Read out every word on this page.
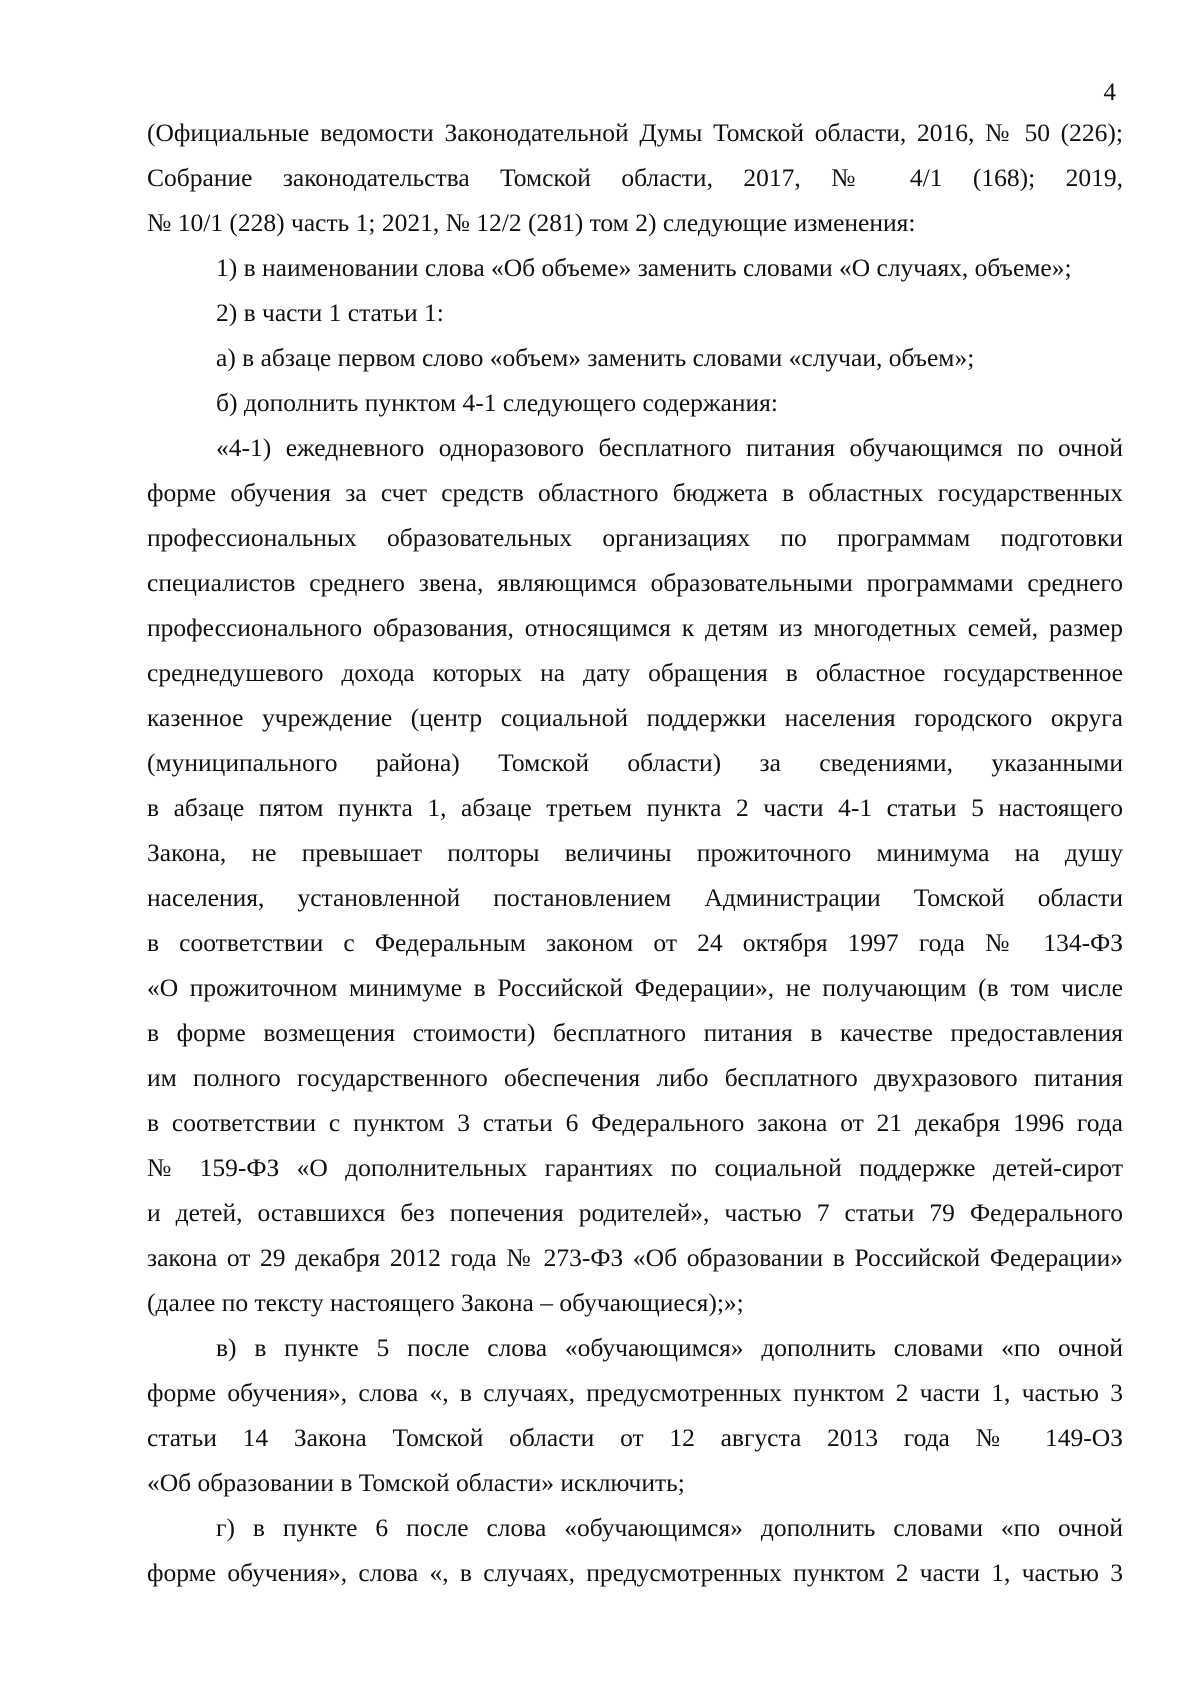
4
(Официальные ведомости Законодательной Думы Томской области, 2016, № 50 (226);
Собрание законодательства Томской области, 2017, № 4/1 (168); 2019,
№ 10/1 (228) часть 1; 2021, № 12/2 (281) том 2) следующие изменения:
1) в наименовании слова «Об объеме» заменить словами «О случаях, объеме»;
2) в части 1 статьи 1:
а) в абзаце первом слово «объем» заменить словами «случаи, объем»;
б) дополнить пунктом 4-1 следующего содержания:
«4-1) ежедневного одноразового бесплатного питания обучающимся по очной
форме обучения за счет средств областного бюджета в областных государственных
профессиональных образовательных организациях по программам подготовки
специалистов среднего звена, являющимся образовательными программами среднего
профессионального образования, относящимся к детям из многодетных семей, размер
среднедушевого дохода которых на дату обращения в областное государственное
казенное учреждение (центр социальной поддержки населения городского округа
(муниципального района) Томской области) за сведениями, указанными
в абзаце пятом пункта 1, абзаце третьем пункта 2 части 4-1 статьи 5 настоящего
Закона, не превышает полторы величины прожиточного минимума на душу
населения, установленной постановлением Администрации Томской области
в соответствии с Федеральным законом от 24 октября 1997 года № 134-ФЗ
«О прожиточном минимуме в Российской Федерации», не получающим (в том числе
в форме возмещения стоимости) бесплатного питания в качестве предоставления
им полного государственного обеспечения либо бесплатного двухразового питания
в соответствии с пунктом 3 статьи 6 Федерального закона от 21 декабря 1996 года
№ 159-ФЗ «О дополнительных гарантиях по социальной поддержке детей-сирот
и детей, оставшихся без попечения родителей», частью 7 статьи 79 Федерального
закона от 29 декабря 2012 года № 273-ФЗ «Об образовании в Российской Федерации»
(далее по тексту настоящего Закона – обучающиеся);»;
в) в пункте 5 после слова «обучающимся» дополнить словами «по очной
форме обучения», слова «, в случаях, предусмотренных пунктом 2 части 1, частью 3
статьи 14 Закона Томской области от 12 августа 2013 года № 149-ОЗ
«Об образовании в Томской области» исключить;
г) в пункте 6 после слова «обучающимся» дополнить словами «по очной
форме обучения», слова «, в случаях, предусмотренных пунктом 2 части 1, частью 3
